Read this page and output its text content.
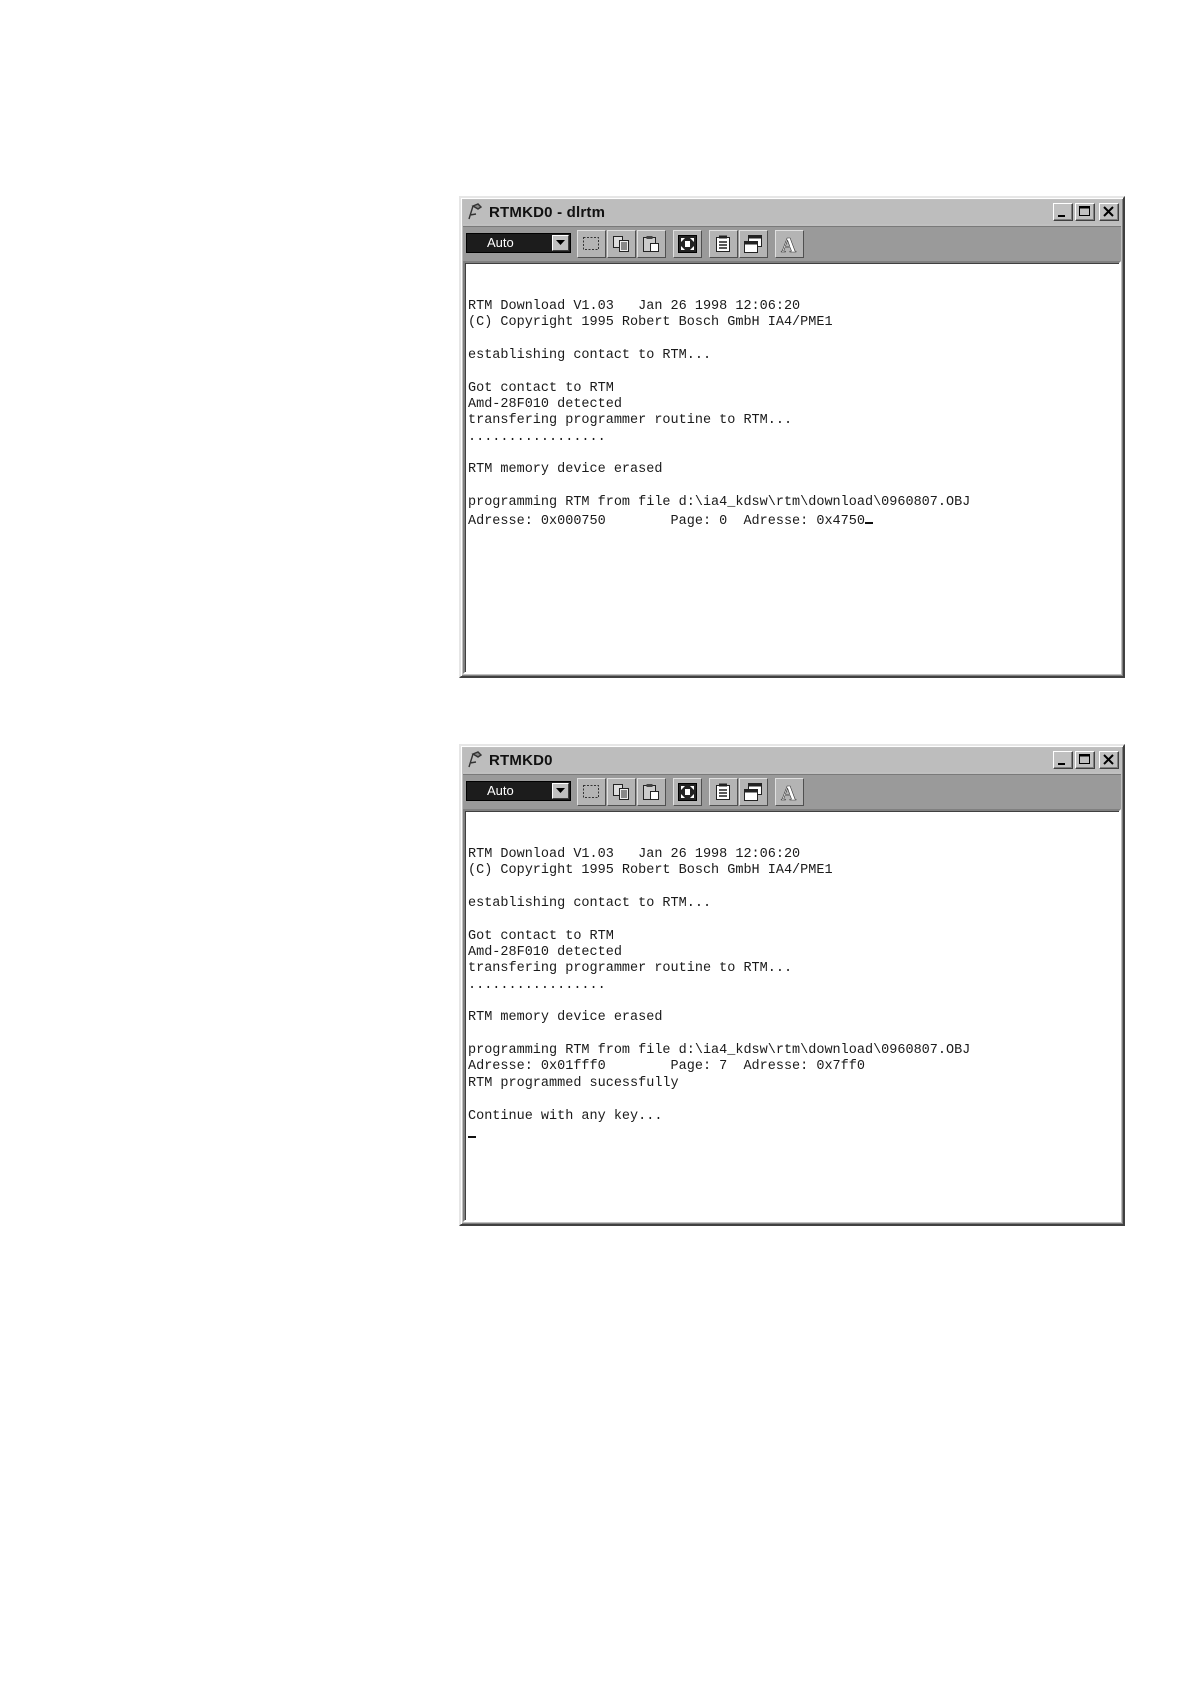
RTMKD0 - dlrtm
Auto	A
RTM Download V1.03   Jan 26 1998 12:06:20
(C) Copyright 1995 Robert Bosch GmbH IA4/PME1

establishing contact to RTM...

Got contact to RTM
Amd-28F010 detected
transfering programmer routine to RTM...
.................

RTM memory device erased

programming RTM from file d:\ia4_kdsw\rtm\download\0960807.OBJ
Adresse: 0x000750        Page: 0  Adresse: 0x4750

RTMKD0
Auto	A
RTM Download V1.03   Jan 26 1998 12:06:20
(C) Copyright 1995 Robert Bosch GmbH IA4/PME1

establishing contact to RTM...

Got contact to RTM
Amd-28F010 detected
transfering programmer routine to RTM...
.................

RTM memory device erased

programming RTM from file d:\ia4_kdsw\rtm\download\0960807.OBJ
Adresse: 0x01fff0        Page: 7  Adresse: 0x7ff0
RTM programmed sucessfully

Continue with any key...
